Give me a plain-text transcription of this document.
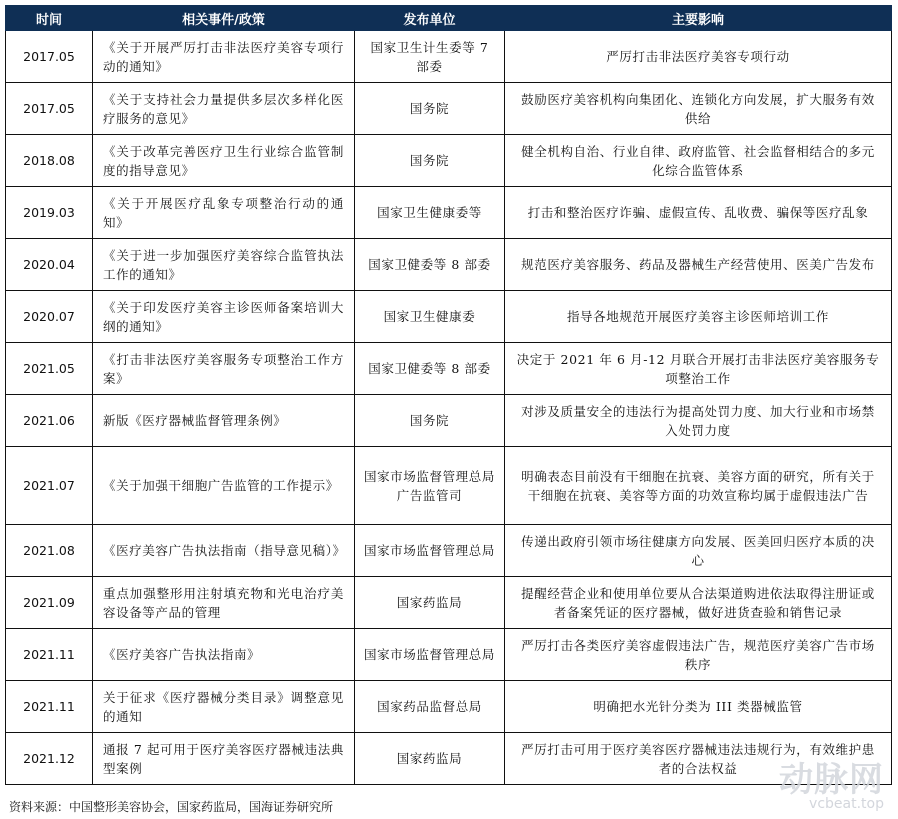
时间	相关事件/政策	发布单位	主要影响
2017.05	《关于开展严厉打击非法医疗美容专项行动的通知》	国家卫生计生委等 7 部委	严厉打击非法医疗美容专项行动
2017.05	《关于支持社会力量提供多层次多样化医疗服务的意见》	国务院	鼓励医疗美容机构向集团化、连锁化方向发展，扩大服务有效供给
2018.08	《关于改革完善医疗卫生行业综合监管制度的指导意见》	国务院	健全机构自治、行业自律、政府监管、社会监督相结合的多元化综合监管体系
2019.03	《关于开展医疗乱象专项整治行动的通知》	国家卫生健康委等	打击和整治医疗诈骗、虚假宣传、乱收费、骗保等医疗乱象
2020.04	《关于进一步加强医疗美容综合监管执法工作的通知》	国家卫健委等 8 部委	规范医疗美容服务、药品及器械生产经营使用、医美广告发布
2020.07	《关于印发医疗美容主诊医师备案培训大纲的通知》	国家卫生健康委	指导各地规范开展医疗美容主诊医师培训工作
2021.05	《打击非法医疗美容服务专项整治工作方案》	国家卫健委等 8 部委	决定于 2021 年 6 月-12 月联合开展打击非法医疗美容服务专项整治工作
2021.06	新版《医疗器械监督管理条例》	国务院	对涉及质量安全的违法行为提高处罚力度、加大行业和市场禁入处罚力度
2021.07	《关于加强干细胞广告监管的工作提示》	国家市场监督管理总局广告监管司	明确表态目前没有干细胞在抗衰、美容方面的研究，所有关于干细胞在抗衰、美容等方面的功效宣称均属于虚假违法广告
2021.08	《医疗美容广告执法指南（指导意见稿）》	国家市场监督管理总局	传递出政府引领市场往健康方向发展、医美回归医疗本质的决心
2021.09	重点加强整形用注射填充物和光电治疗美容设备等产品的管理	国家药监局	提醒经营企业和使用单位要从合法渠道购进依法取得注册证或者备案凭证的医疗器械，做好进货查验和销售记录
2021.11	《医疗美容广告执法指南》	国家市场监督管理总局	严厉打击各类医疗美容虚假违法广告，规范医疗美容广告市场秩序
2021.11	关于征求《医疗器械分类目录》调整意见的通知	国家药品监督总局	明确把水光针分类为 III 类器械监管
2021.12	通报 7 起可用于医疗美容医疗器械违法典型案例	国家药监局	严厉打击可用于医疗美容医疗器械违法违规行为，有效维护患者的合法权益
资料来源：中国整形美容协会，国家药监局，国海证券研究所
动脉网
vcbeat.top
